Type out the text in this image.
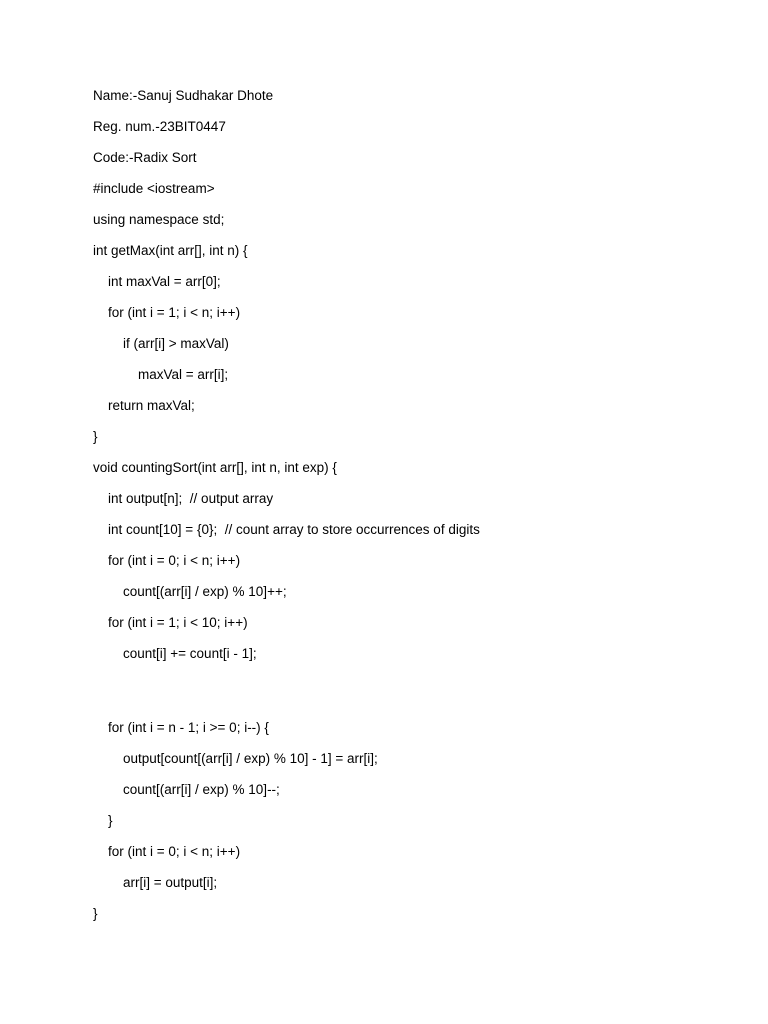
Name:-Sanuj Sudhakar Dhote
Reg. num.-23BIT0447
Code:-Radix Sort
#include <iostream>
using namespace std;
int getMax(int arr[], int n) {
int maxVal = arr[0];
for (int i = 1; i < n; i++)
if (arr[i] > maxVal)
maxVal = arr[i];
return maxVal;
}
void countingSort(int arr[], int n, int exp) {
int output[n];  // output array
int count[10] = {0};  // count array to store occurrences of digits
for (int i = 0; i < n; i++)
count[(arr[i] / exp) % 10]++;
for (int i = 1; i < 10; i++)
count[i] += count[i - 1];
for (int i = n - 1; i >= 0; i--) {
output[count[(arr[i] / exp) % 10] - 1] = arr[i];
count[(arr[i] / exp) % 10]--;
}
for (int i = 0; i < n; i++)
arr[i] = output[i];
}
